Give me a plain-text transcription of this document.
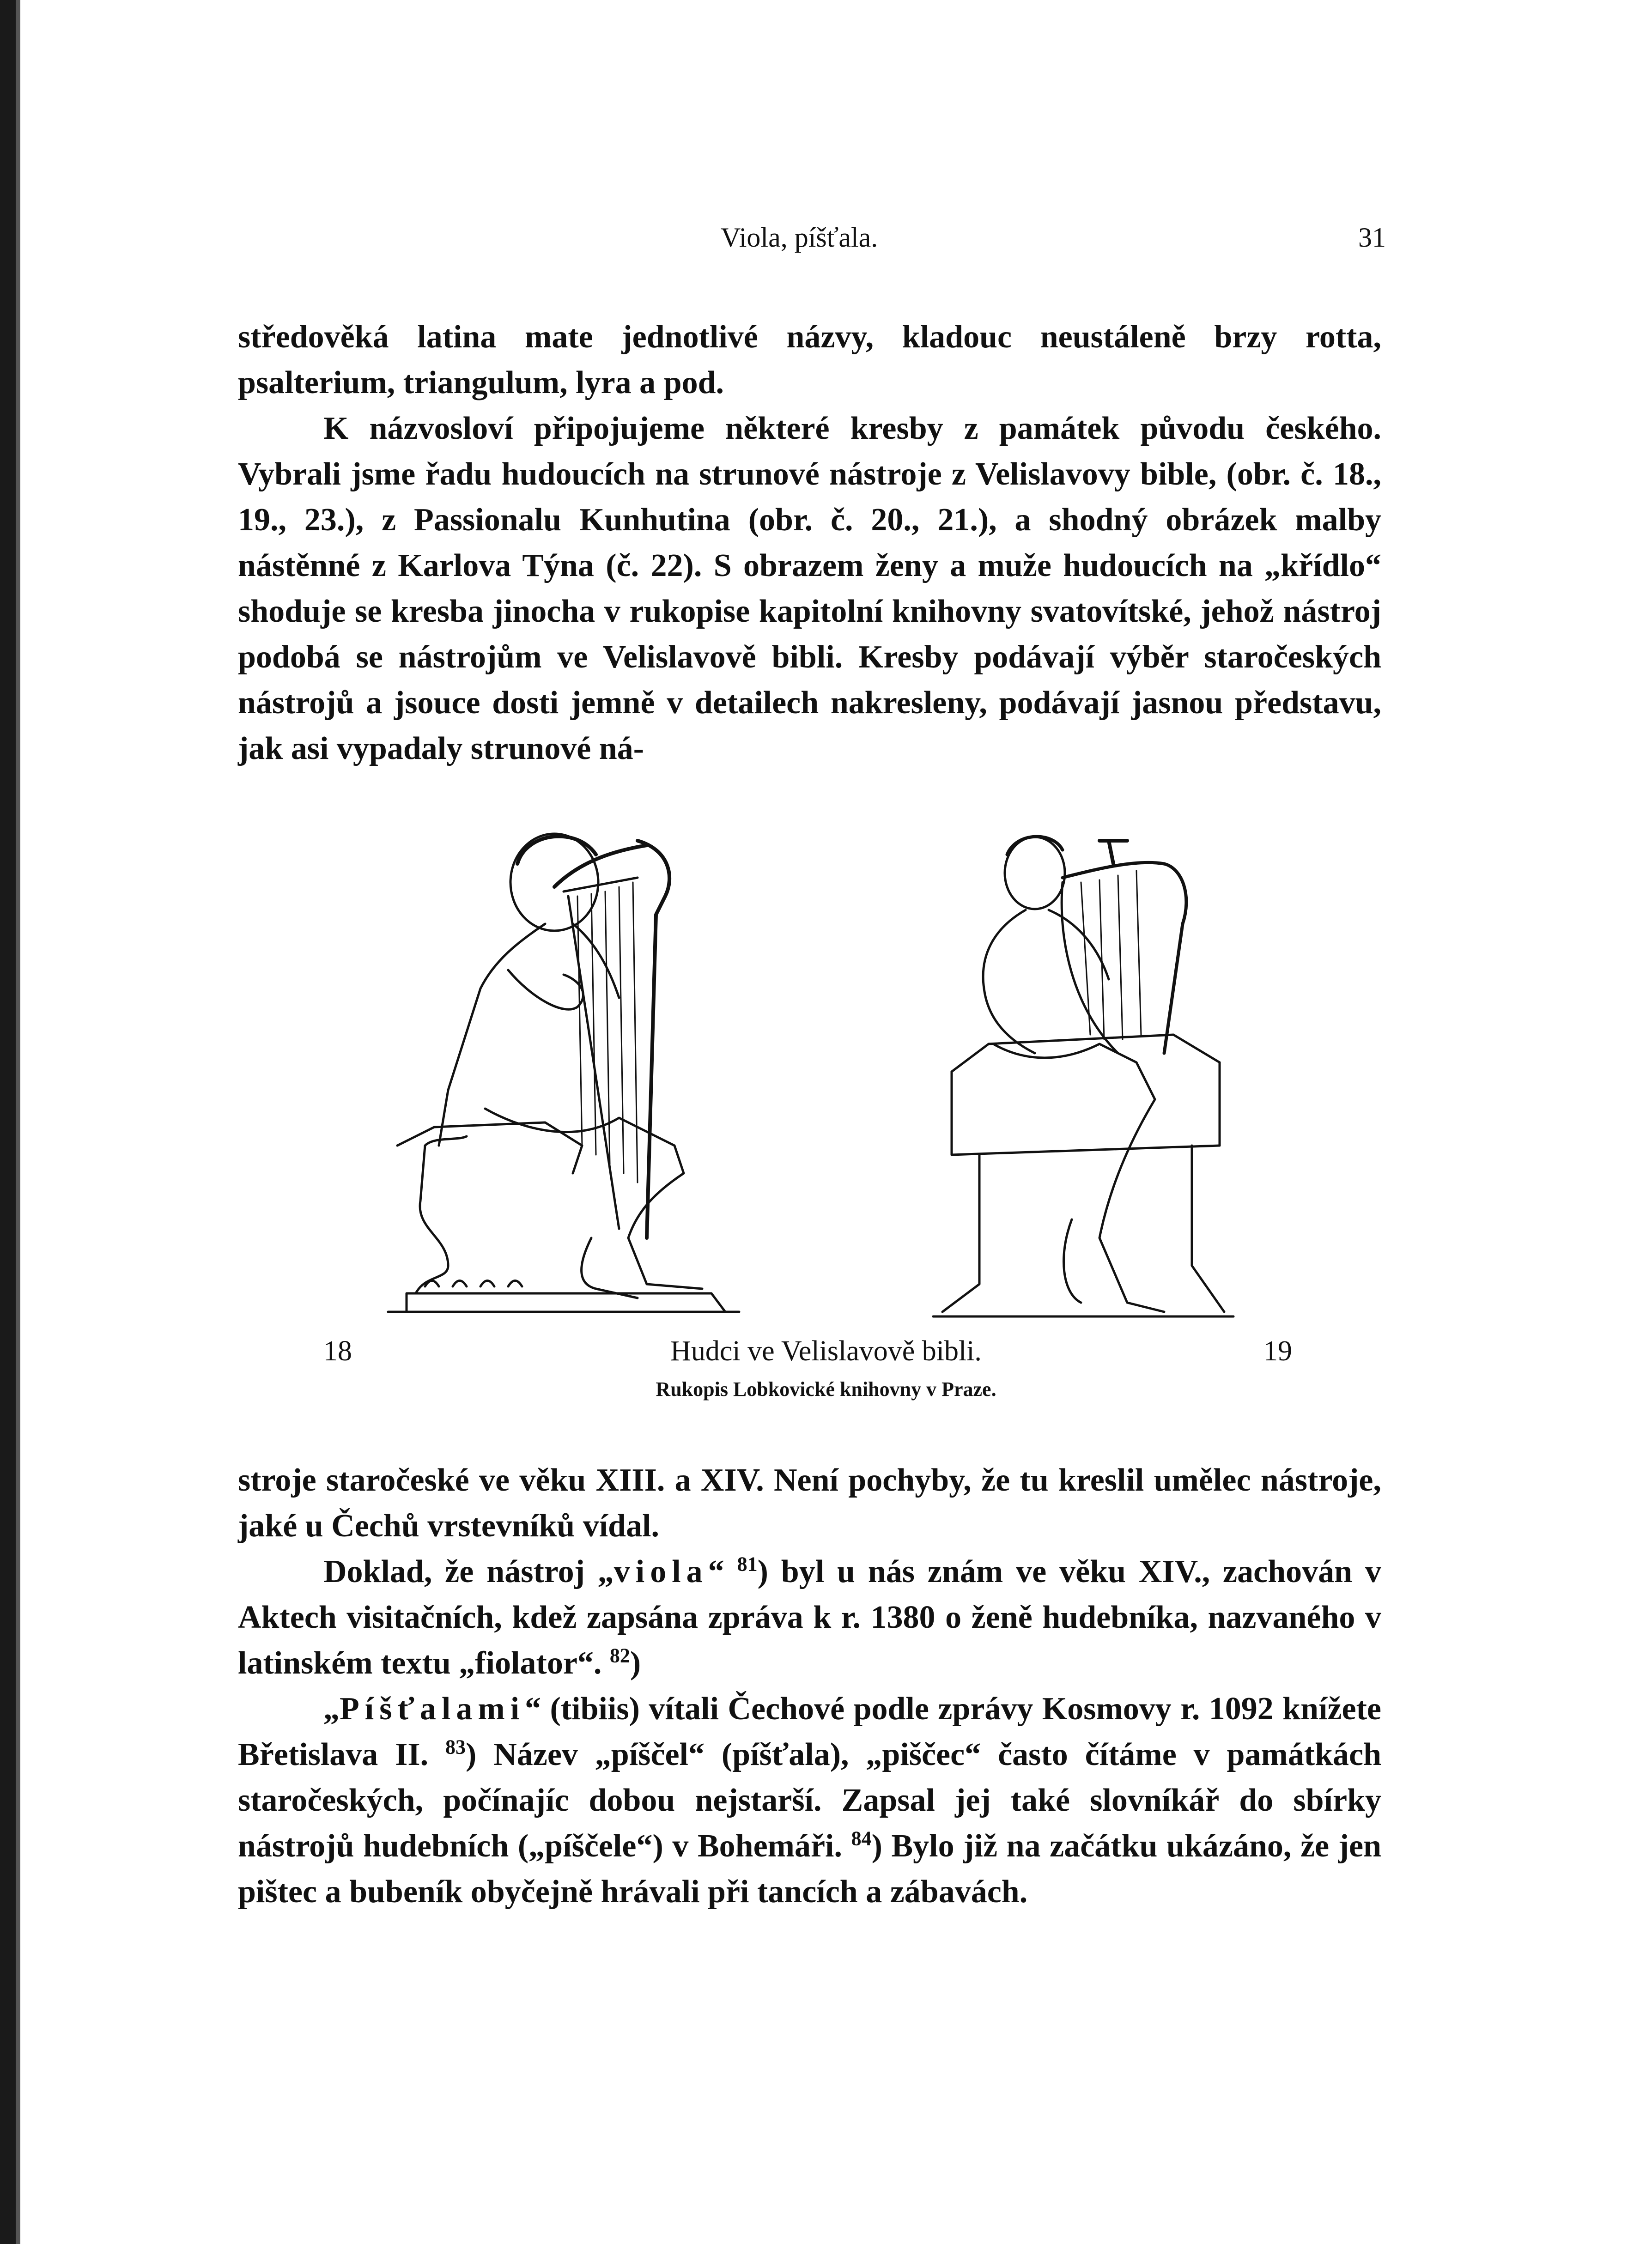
Viola, píšťala.	31

středověká latina mate jednotlivé názvy, kladouc neustáleně brzy rotta, psalterium, triangulum, lyra a pod.

K názvosloví připojujeme některé kresby z památek původu českého. Vybrali jsme řadu hudoucích na strunové nástroje z Velislavovy bible, (obr. č. 18., 19., 23.), z Passionalu Kunhutina (obr. č. 20., 21.), a shodný obrázek malby nástěnné z Karlova Týna (č. 22). S obrazem ženy a muže hudoucích na „křídlo“ shoduje se kresba jinocha v rukopise kapitolní knihovny svatovítské, jehož nástroj podobá se nástrojům ve Velislavově bibli. Kresby podávají výběr staročeských nástrojů a jsouce dosti jemně v detailech nakresleny, podávají jasnou představu, jak asi vypadaly strunové ná-

18	Hudci ve Velislavově bibli.	19
Rukopis Lobkovické knihovny v Praze.

stroje staročeské ve věku XIII. a XIV. Není pochyby, že tu kreslil umělec nástroje, jaké u Čechů vrstevníků vídal.

Doklad, že nástroj „viola“ $^{81}$) byl u nás znám ve věku XIV., zachován v Aktech visitačních, kdež zapsána zpráva k r. 1380 o ženě hudebníka, nazvaného v latinském textu „fiolator“. $^{82}$)

„Píšťalami“ (tibiis) vítali Čechové podle zprávy Kosmovy r. 1092 knížete Břetislava II. $^{83}$) Název „píščel“ (píšťala), „piščec“ často čítáme v památkách staročeských, počínajíc dobou nejstarší. Zapsal jej také slovníkář do sbírky nástrojů hudebních („píščele“) v Bohemáři. $^{84}$) Bylo již na začátku ukázáno, že jen pištec a bubeník obyčejně hrávali při tancích a zábavách.
